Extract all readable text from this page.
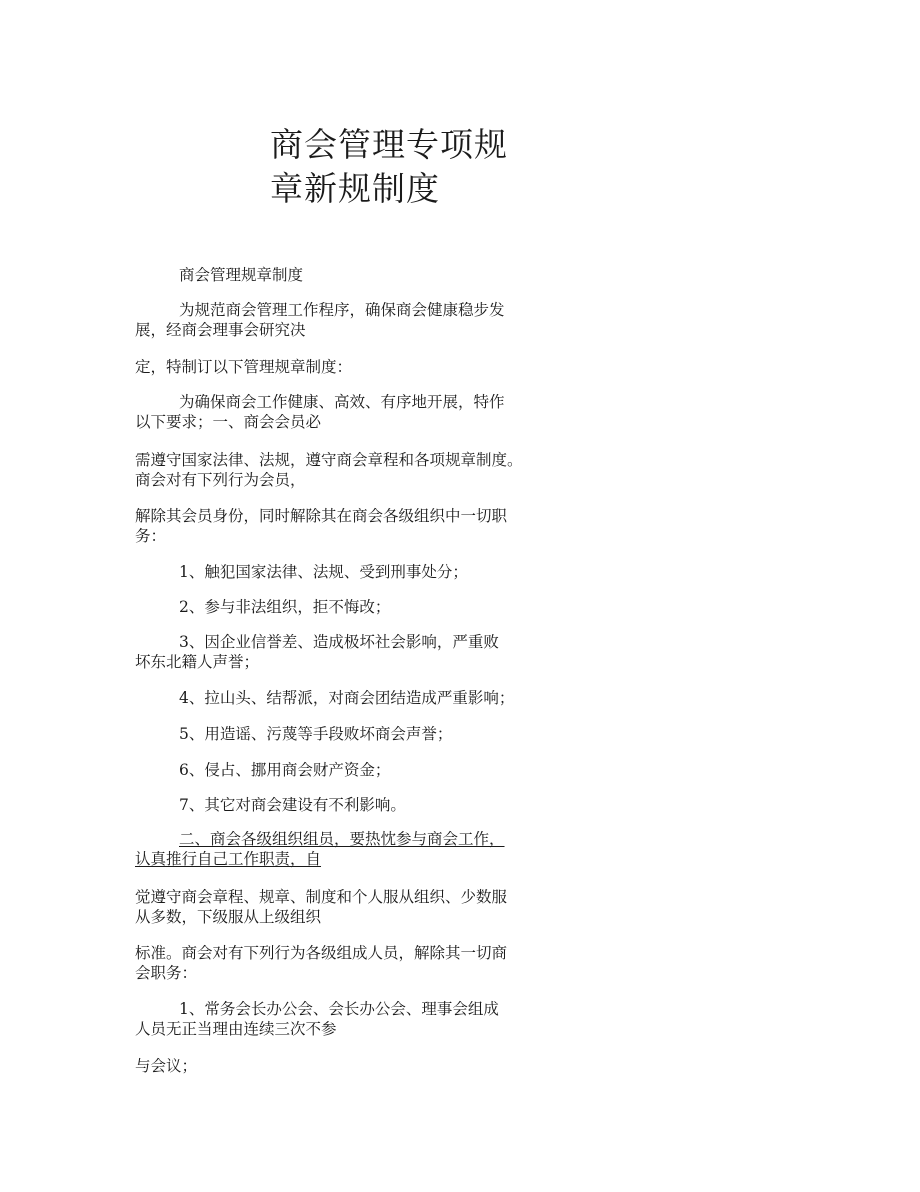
商会管理专项规
章新规制度

商会管理规章制度

为规范商会管理工作程序，确保商会健康稳步发
展，经商会理事会研究决

定，特制订以下管理规章制度：

为确保商会工作健康、高效、有序地开展，特作
以下要求；一、商会会员必

需遵守国家法律、法规，遵守商会章程和各项规章制度。
商会对有下列行为会员，

解除其会员身份，同时解除其在商会各级组织中一切职
务：

1、触犯国家法律、法规、受到刑事处分；

2、参与非法组织，拒不悔改；

3、因企业信誉差、造成极坏社会影响，严重败
坏东北籍人声誉；

4、拉山头、结帮派，对商会团结造成严重影响；

5、用造谣、污蔑等手段败坏商会声誉；

6、侵占、挪用商会财产资金；

7、其它对商会建设有不利影响。

二、商会各级组织组员，要热忱参与商会工作，
认真推行自己工作职责，自

觉遵守商会章程、规章、制度和个人服从组织、少数服
从多数，下级服从上级组织

标准。商会对有下列行为各级组成人员，解除其一切商
会职务：

1、常务会长办公会、会长办公会、理事会组成
人员无正当理由连续三次不参

与会议；
